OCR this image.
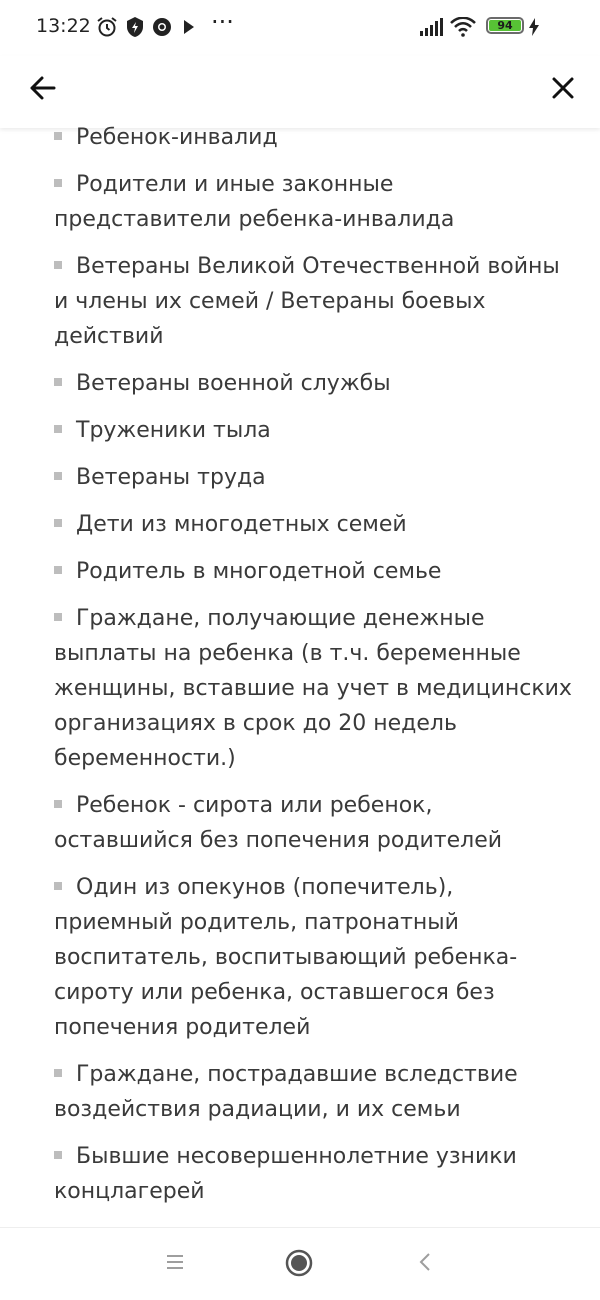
13:22	···	94
Ребенок-инвалид
Родители и иные законные представители ребенка-инвалида
Ветераны Великой Отечественной войны и члены их семей / Ветераны боевых действий
Ветераны военной службы
Труженики тыла
Ветераны труда
Дети из многодетных семей
Родитель в многодетной семье
Граждане, получающие денежные выплаты на ребенка (в т.ч. беременные женщины, вставшие на учет в медицинских организациях в срок до 20 недель беременности.)
Ребенок - сирота или ребенок, оставшийся без попечения родителей
Один из опекунов (попечитель), приемный родитель, патронатный воспитатель, воспитывающий ребенка-сироту или ребенка, оставшегося без попечения родителей
Граждане, пострадавшие вследствие воздействия радиации, и их семьи
Бывшие несовершеннолетние узники концлагерей
